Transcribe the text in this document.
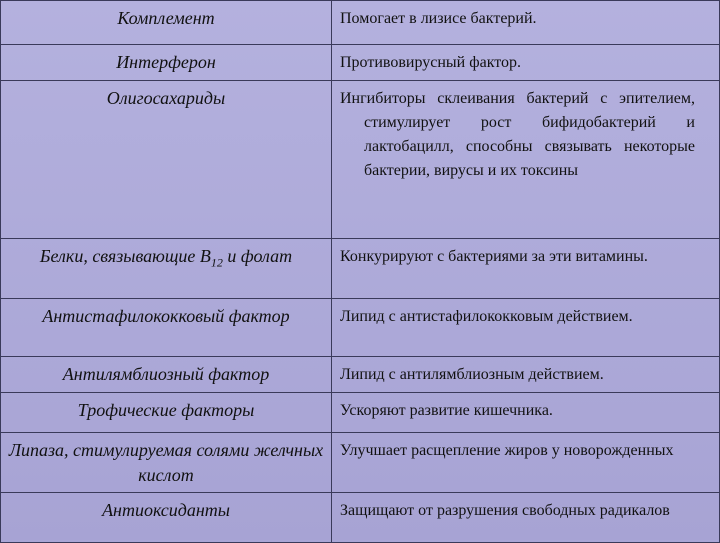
Комплемент	Помогает в лизисе бактерий.

Интерферон	Противовирусный фактор.

Олигосахариды	Ингибиторы склеивания бактерий с эпителием, стимулирует рост бифидобактерий и лактобацилл, способны связывать некоторые бактерии, вирусы и их токсины

Белки, связывающие $В_{12}$ и фолат	Конкурируют с бактериями за эти витамины.

Антистафилококковый фактор	Липид с антистафилококковым действием.

Антилямблиозный фактор	Липид с антилямблиозным действием.

Трофические факторы	Ускоряют развитие кишечника.

Липаза, стимулируемая солями желчных кислот	Улучшает расщепление жиров у новорожденных

Антиоксиданты	Защищают от разрушения свободных радикалов
